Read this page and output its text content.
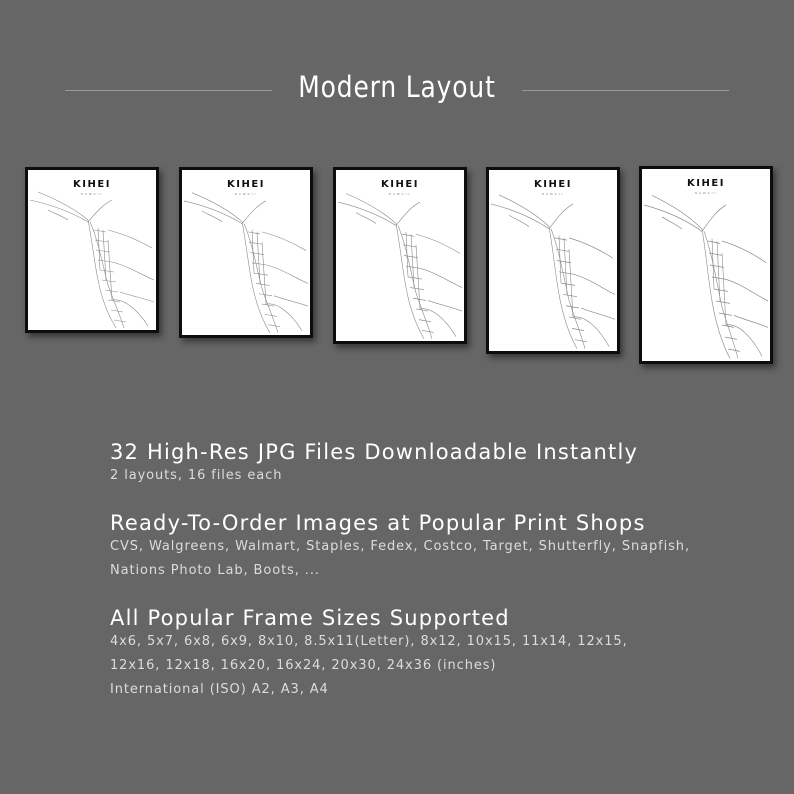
Modern Layout
KIHEI
HAWAII
KIHEI
HAWAII
KIHEI
HAWAII
KIHEI
HAWAII
KIHEI
HAWAII

32 High-Res JPG Files Downloadable Instantly

2 layouts, 16 files each

Ready-To-Order Images at Popular Print Shops

CVS, Walgreens, Walmart, Staples, Fedex, Costco, Target, Shutterfly, Snapfish,

Nations Photo Lab, Boots, ...

All Popular Frame Sizes Supported

4x6, 5x7, 6x8, 6x9, 8x10, 8.5x11(Letter), 8x12, 10x15, 11x14, 12x15,

12x16, 12x18, 16x20, 16x24, 20x30, 24x36 (inches)

International (ISO) A2, A3, A4
